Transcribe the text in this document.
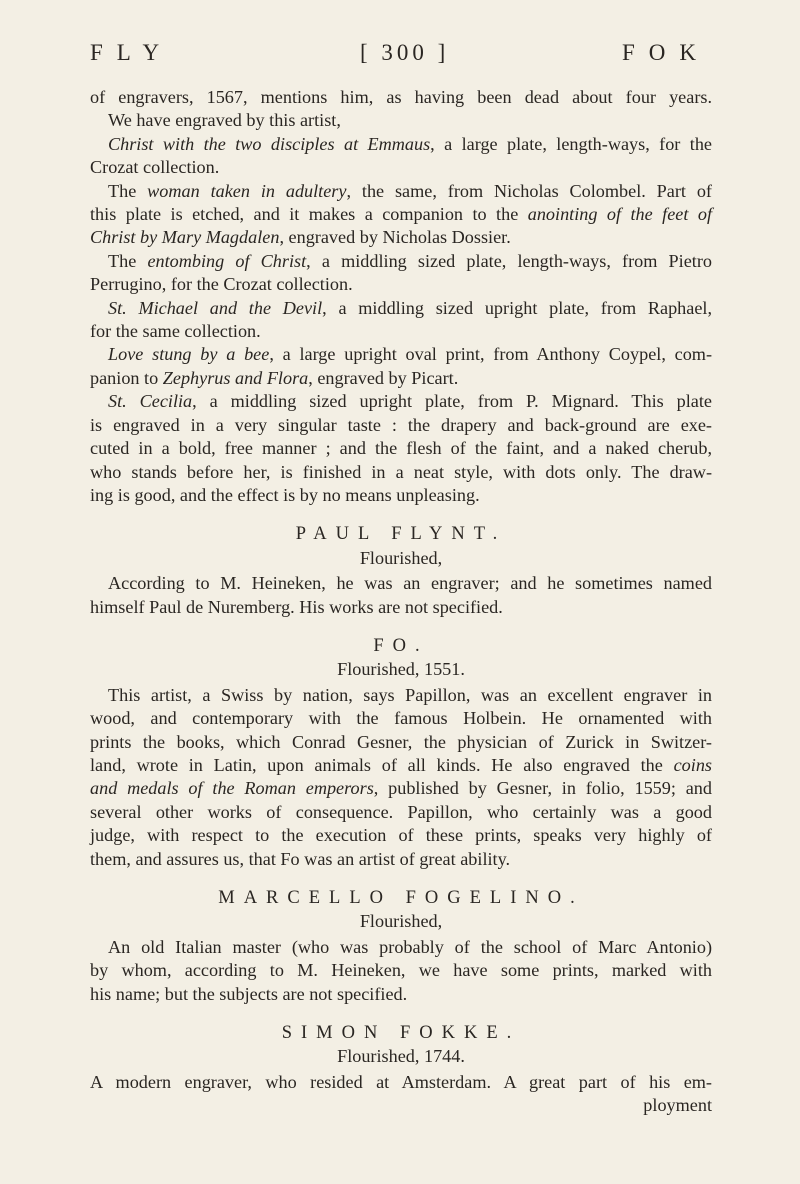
FLY	[ 300 ]	FOK
of engravers, 1567, mentions him, as having been dead about four years.
We have engraved by this artist,
Christ with the two disciples at Emmaus, a large plate, length-ways, for the
Crozat collection.
The woman taken in adultery, the same, from Nicholas Colombel. Part of
this plate is etched, and it makes a companion to the anointing of the feet of
Christ by Mary Magdalen, engraved by Nicholas Dossier.
The entombing of Christ, a middling sized plate, length-ways, from Pietro
Perrugino, for the Crozat collection.
St. Michael and the Devil, a middling sized upright plate, from Raphael,
for the same collection.
Love stung by a bee, a large upright oval print, from Anthony Coypel, com-
panion to Zephyrus and Flora, engraved by Picart.
St. Cecilia, a middling sized upright plate, from P. Mignard. This plate
is engraved in a very singular taste : the drapery and back-ground are exe-
cuted in a bold, free manner ; and the flesh of the faint, and a naked cherub,
who stands before her, is finished in a neat style, with dots only. The draw-
ing is good, and the effect is by no means unpleasing.
PAUL FLYNT.
Flourished,
According to M. Heineken, he was an engraver; and he sometimes named
himself Paul de Nuremberg. His works are not specified.
FO.
Flourished, 1551.
This artist, a Swiss by nation, says Papillon, was an excellent engraver in
wood, and contemporary with the famous Holbein. He ornamented with
prints the books, which Conrad Gesner, the physician of Zurick in Switzer-
land, wrote in Latin, upon animals of all kinds. He also engraved the coins
and medals of the Roman emperors, published by Gesner, in folio, 1559; and
several other works of consequence. Papillon, who certainly was a good
judge, with respect to the execution of these prints, speaks very highly of
them, and assures us, that Fo was an artist of great ability.
MARCELLO FOGELINO.
Flourished,
An old Italian master (who was probably of the school of Marc Antonio)
by whom, according to M. Heineken, we have some prints, marked with
his name; but the subjects are not specified.
SIMON FOKKE.
Flourished, 1744.
A modern engraver, who resided at Amsterdam. A great part of his em-
ployment
